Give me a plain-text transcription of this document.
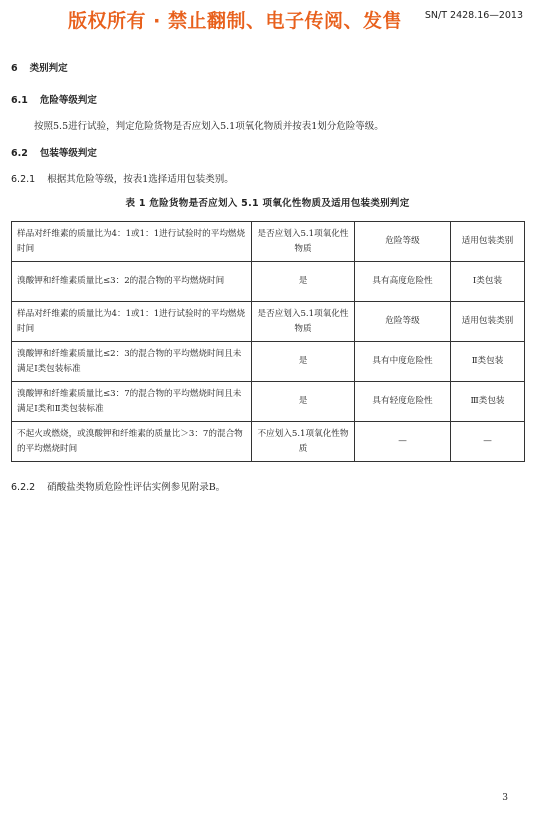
版权所有 · 禁止翻制、电子传阅、发售 SN/T 2428.16—2013
6 类别判定
6.1 危险等级判定
按照5.5进行试验，判定危险货物是否应划入5.1项氧化物质并按表1划分危险等级。
6.2 包装等级判定
6.2.1 根据其危险等级，按表1选择适用包装类别。
表 1 危险货物是否应划入 5.1 项氧化性物质及适用包装类别判定
样品对纤维素的质量比为4：1或1：1进行试验时的平均燃烧时间	是否应划入5.1项氧化性物质	危险等级	适用包装类别
溴酸钾和纤维素质量比≤3：2的混合物的平均燃烧时间	是	具有高度危险性	Ⅰ类包装
样品对纤维素的质量比为4：1或1：1进行试验时的平均燃烧时间	是否应划入5.1项氧化性物质	危险等级	适用包装类别
溴酸钾和纤维素质量比≤2：3的混合物的平均燃烧时间且未满足Ⅰ类包装标准	是	具有中度危险性	Ⅱ类包装
溴酸钾和纤维素质量比≤3：7的混合物的平均燃烧时间且未满足Ⅰ类和Ⅱ类包装标准	是	具有轻度危险性	Ⅲ类包装
不起火或燃烧，或溴酸钾和纤维素的质量比＞3：7的混合物的平均燃烧时间	不应划入5.1项氧化性物质	—	—
6.2.2 硝酸盐类物质危险性评估实例参见附录B。
3
